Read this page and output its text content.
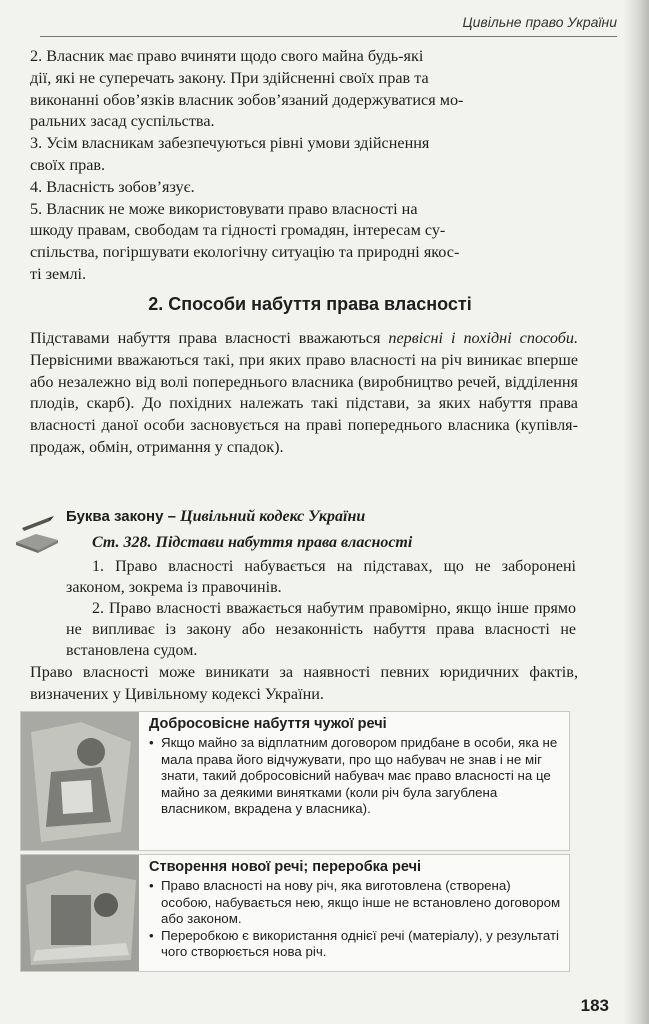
Цивільне право України

2. Власник має право вчиняти щодо свого майна будь-які

дії, які не суперечать закону. При здійсненні своїх прав та

виконанні обов’язків власник зобов’язаний додержуватися мо-

ральних засад суспільства.

3. Усім власникам забезпечуються рівні умови здійснення

своїх прав.

4. Власність зобов’язує.

5. Власник не може використовувати право власності на

шкоду правам, свободам та гідності громадян, інтересам су-

спільства, погіршувати екологічну ситуацію та природні якос-

ті землі.

2. Способи набуття права власності

Підставами набуття права власності вважаються первісні і похідні способи. Первісними вважаються такі, при яких право власності на річ виникає вперше або незалежно від волі попереднього власника (виробництво речей, відділення плодів, скарб). До похідних належать такі підстави, за яких набуття права власності даної особи засновується на праві попереднього власника (купівля-продаж, обмін, отримання у спадок).

Буква закону – Цивільний кодекс України
Ст. 328. Підстави набуття права власності

1. Право власності набувається на підставах, що не заборонені законом, зокрема із правочинів.

2. Право власності вважається набутим правомірно, якщо інше прямо не випливає із закону або незаконність набуття права власності не встановлена судом.

Право власності може виникати за наявності певних юридичних фактів, визначених у Цивільному кодексі України.

Добросовісне набуття чужої речі
• Якщо майно за відплатним договором придбане в особи, яка не мала права його відчужувати, про що набувач не знав і не міг знати, такий добросовісний набувач має право власності на це майно за деякими винятками (коли річ була загублена власником, вкрадена у власника).
Створення нової речі; переробка речі
• Право власності на нову річ, яка виготовлена (створена) особою, набувається нею, якщо інше не встановлено договором або законом.
• Переробкою є використання однієї речі (матеріалу), у результаті чого створюється нова річ.
183
